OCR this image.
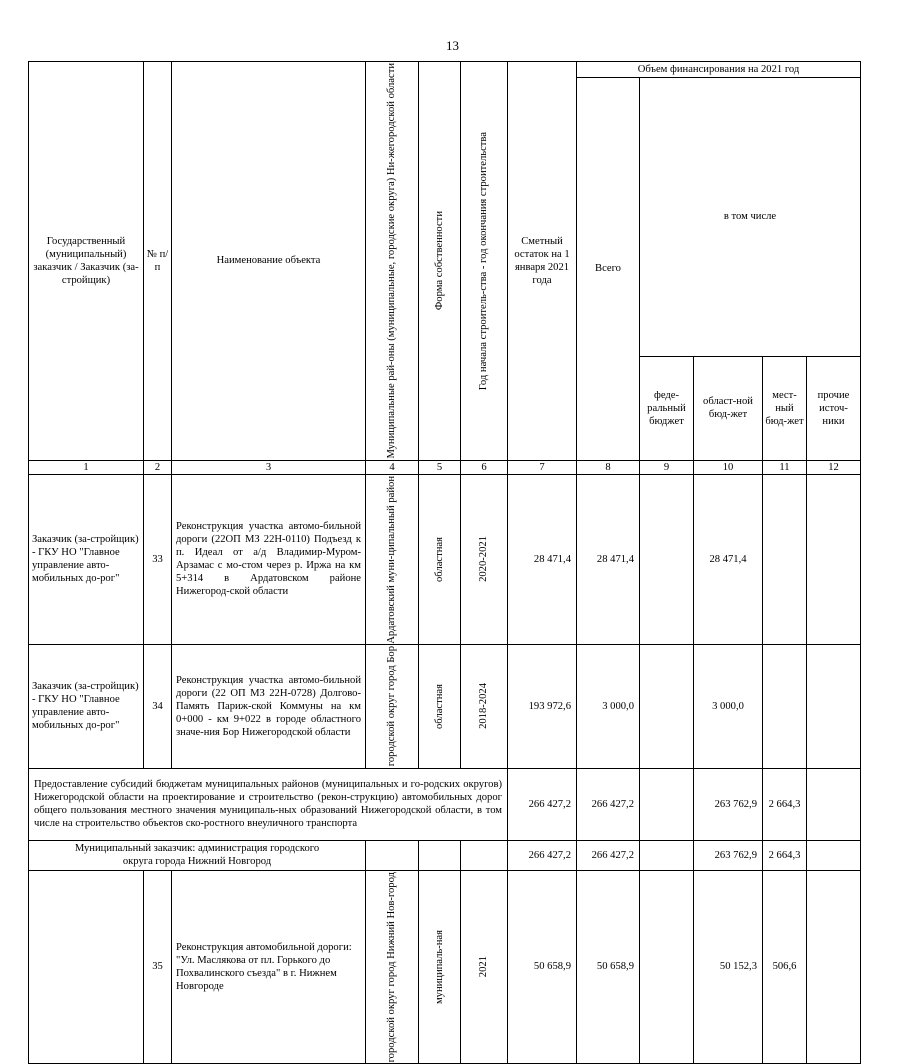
13
Государственный (муниципальный) заказчик / Заказчик (за-стройщик)	№ п/п	Наименование объекта	Муниципальные рай-оны (муниципальные, городские округа) Ни-жегородской области	Форма собственности	Год начала строитель-ства - год окончания строительства	Сметный остаток на 1 января 2021 года	Объем финансирования на 2021 год				
							Всего	в том числе			
								феде-ральный бюджет	област-ной бюд-жет	мест-ный бюд-жет	прочие источ-ники
1	2	3	4	5	6	7	8	9	10	11	12
Заказчик (за-стройщик) - ГКУ НО "Главное управление авто-мобильных до-рог"	33	Реконструкция участка автомо-бильной дороги (22ОП МЗ 22Н-0110) Подъезд к п. Идеал от а/д Владимир-Муром-Арзамас с мо-стом через р. Иржа на км 5+314 в Ардатовском районе Нижегород-ской области	Ардатовский муни-ципальный район	областная	2020-2021	28 471,4	28 471,4		28 471,4		
Заказчик (за-стройщик) - ГКУ НО "Главное управление авто-мобильных до-рог"	34	Реконструкция участка автомо-бильной дороги (22 ОП МЗ 22Н-0728) Долгово-Память Париж-ской Коммуны на км 0+000 - км 9+022 в городе областного значе-ния Бор Нижегородской области	городской округ город Бор	областная	2018-2024	193 972,6	3 000,0		3 000,0		
Предоставление субсидий бюджетам муниципальных районов (муниципальных и го-родских округов) Нижегородской области на проектирование и строительство (рекон-струкцию) автомобильных дорог общего пользования местного значения муниципаль-ных образований Нижегородской области, в том числе на строительство объектов ско-ростного внеуличного транспорта						266 427,2	266 427,2		263 762,9	2 664,3	
Муниципальный заказчик: администрация городского округа города Нижний Новгород						266 427,2	266 427,2		263 762,9	2 664,3	
	35	Реконструкция автомобильной дороги: "Ул. Маслякова от пл. Горького до Похвалинского съезда" в г. Нижнем Новгороде	городской округ город Нижний Нов-город	муниципаль-ная	2021	50 658,9	50 658,9		50 152,3	506,6	
